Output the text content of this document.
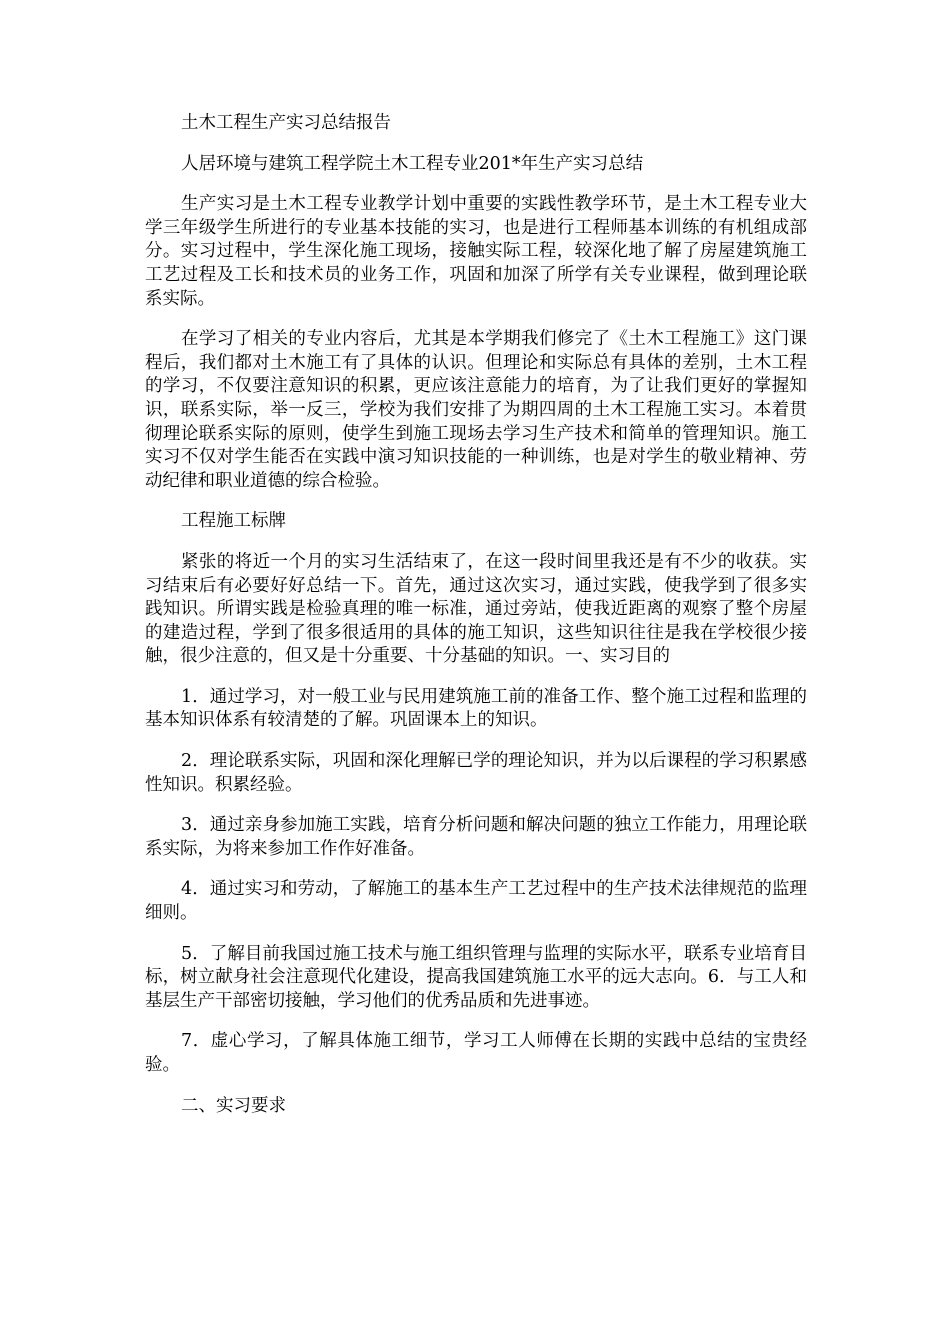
土木工程生产实习总结报告

人居环境与建筑工程学院土木工程专业201*年生产实习总结

生产实习是土木工程专业教学计划中重要的实践性教学环节，是土木工程专业大学三年级学生所进行的专业基本技能的实习，也是进行工程师基本训练的有机组成部分。实习过程中，学生深化施工现场，接触实际工程，较深化地了解了房屋建筑施工工艺过程及工长和技术员的业务工作，巩固和加深了所学有关专业课程，做到理论联系实际。

在学习了相关的专业内容后，尤其是本学期我们修完了《土木工程施工》这门课程后，我们都对土木施工有了具体的认识。但理论和实际总有具体的差别，土木工程的学习，不仅要注意知识的积累，更应该注意能力的培育，为了让我们更好的掌握知识，联系实际，举一反三，学校为我们安排了为期四周的土木工程施工实习。本着贯彻理论联系实际的原则，使学生到施工现场去学习生产技术和简单的管理知识。施工实习不仅对学生能否在实践中演习知识技能的一种训练，也是对学生的敬业精神、劳动纪律和职业道德的综合检验。

工程施工标牌

紧张的将近一个月的实习生活结束了，在这一段时间里我还是有不少的收获。实习结束后有必要好好总结一下。首先，通过这次实习，通过实践，使我学到了很多实践知识。所谓实践是检验真理的唯一标准，通过旁站，使我近距离的观察了整个房屋的建造过程，学到了很多很适用的具体的施工知识，这些知识往往是我在学校很少接触，很少注意的，但又是十分重要、十分基础的知识。一、实习目的

1．通过学习，对一般工业与民用建筑施工前的准备工作、整个施工过程和监理的基本知识体系有较清楚的了解。巩固课本上的知识。

2．理论联系实际，巩固和深化理解已学的理论知识，并为以后课程的学习积累感性知识。积累经验。

3．通过亲身参加施工实践，培育分析问题和解决问题的独立工作能力，用理论联系实际，为将来参加工作作好准备。

4．通过实习和劳动，了解施工的基本生产工艺过程中的生产技术法律规范的监理细则。

5．了解目前我国过施工技术与施工组织管理与监理的实际水平，联系专业培育目标，树立献身社会注意现代化建设，提高我国建筑施工水平的远大志向。6．与工人和基层生产干部密切接触，学习他们的优秀品质和先进事迹。

7．虚心学习，了解具体施工细节，学习工人师傅在长期的实践中总结的宝贵经验。

二、实习要求
